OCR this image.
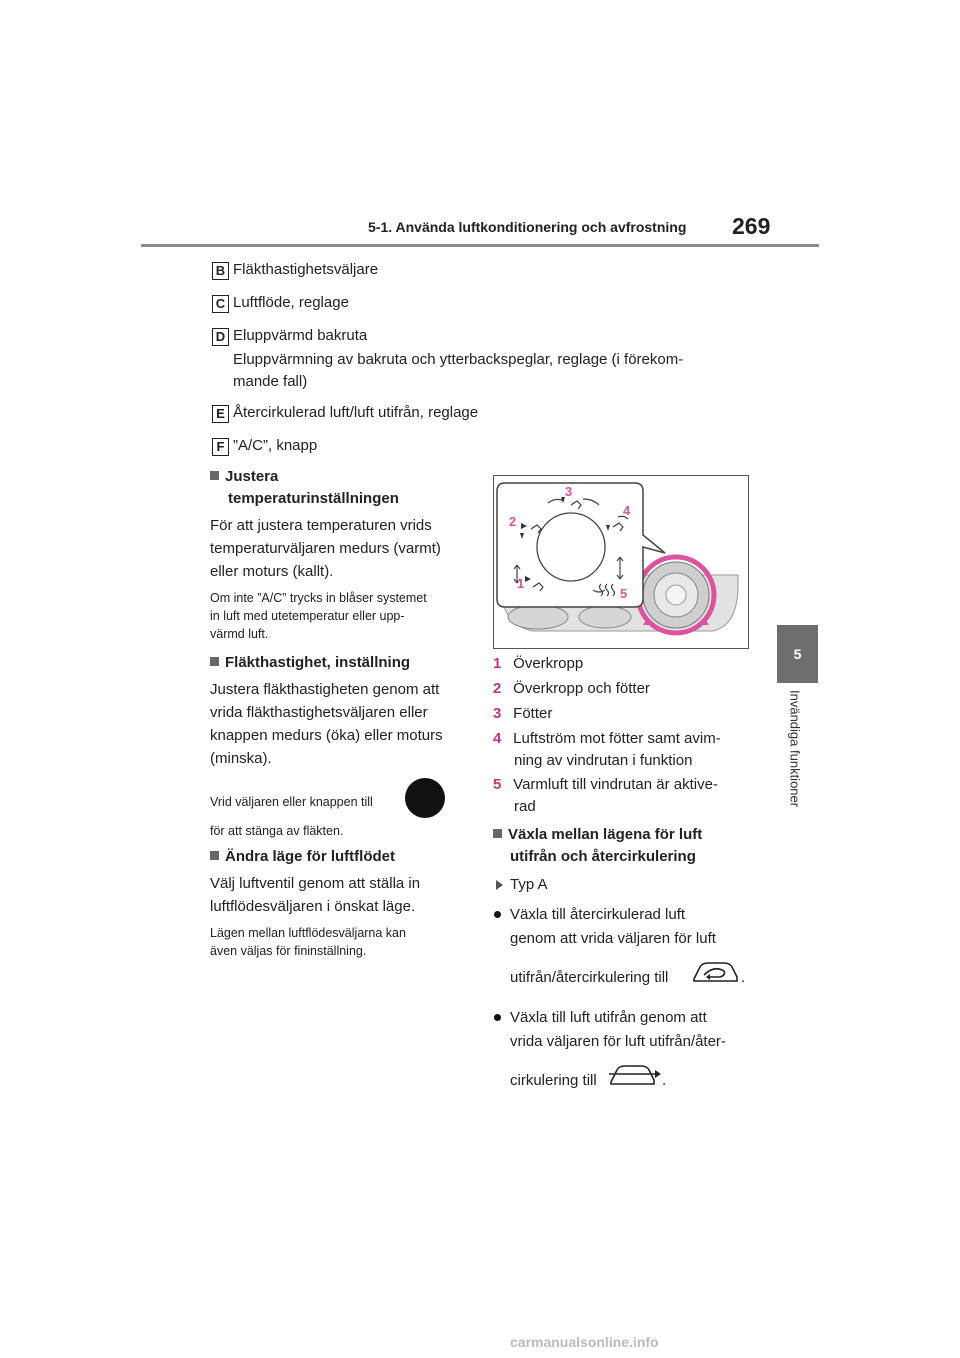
5-1. Använda luftkonditionering och avfrostning 269
5
Invändiga funktioner
B Fläkthastighetsväljare
C Luftflöde, reglage
D Eluppvärmd bakruta
Eluppvärmning av bakruta och ytterbackspeglar, reglage (i förekom-
mande fall)
E Återcirkulerad luft/luft utifrån, reglage
F ”A/C”, knapp
Justera
temperaturinställningen
För att justera temperaturen vrids
temperaturväljaren medurs (varmt)
eller moturs (kallt).
Om inte ”A/C” trycks in blåser systemet
in luft med utetemperatur eller upp-
värmd luft.
Fläkthastighet, inställning
Justera fläkthastigheten genom att
vrida fläkthastighetsväljaren eller
knappen medurs (öka) eller moturs
(minska).
Vrid väljaren eller knappen till
för att stänga av fläkten.
Ändra läge för luftflödet
Välj luftventil genom att ställa in
luftflödesväljaren i önskat läge.
Lägen mellan luftflödesväljarna kan
även väljas för fininställning.
1
2
3
4
5
1 Överkropp
2 Överkropp och fötter
3 Fötter
4 Luftström mot fötter samt avim-
ning av vindrutan i funktion
5 Varmluft till vindrutan är aktive-
rad
Växla mellan lägena för luft
utifrån och återcirkulering
Typ A
Växla till återcirkulerad luft
genom att vrida väljaren för luft
utifrån/återcirkulering till	.
Växla till luft utifrån genom att
vrida väljaren för luft utifrån/åter-
cirkulering till	.
carmanualsonline.info
